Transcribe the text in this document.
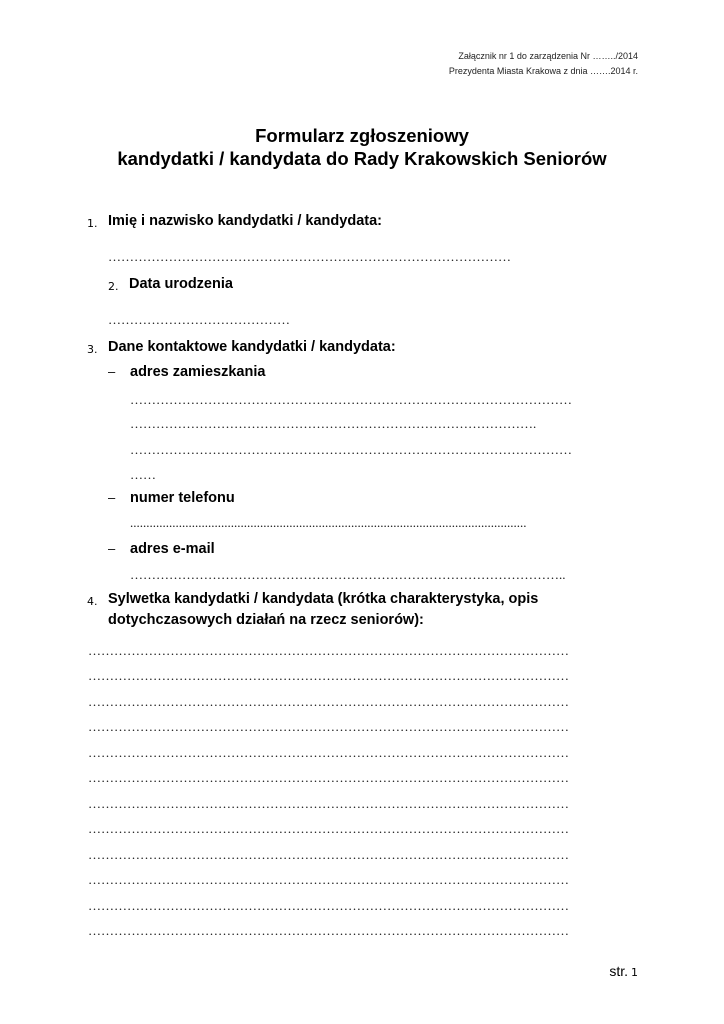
Załącznik nr 1 do zarządzenia Nr ……../2014
Prezydenta Miasta Krakowa z dnia …….2014 r.
Formularz zgłoszeniowy
kandydatki / kandydata do Rady Krakowskich Seniorów
1. Imię i nazwisko kandydatki / kandydata:
…………………………………………………………………………………
2. Data urodzenia
……………………………………
3. Dane kontaktowe kandydatki / kandydata:
– adres zamieszkania
…………………………………………………………………………………………
………………………………………………………………………………….
…………………………………………………………………………………………
……
– numer telefonu
..........................................................................................................................
– adres e-mail
………………………………………………………………………………………..
4. Sylwetka kandydatki / kandydata (krótka charakterystyka, opis dotychczasowych działań na rzecz seniorów):
…………………………………………………………………………………………………
…………………………………………………………………………………………………
…………………………………………………………………………………………………
…………………………………………………………………………………………………
…………………………………………………………………………………………………
…………………………………………………………………………………………………
…………………………………………………………………………………………………
…………………………………………………………………………………………………
…………………………………………………………………………………………………
…………………………………………………………………………………………………
…………………………………………………………………………………………………
…………………………………………………………………………………………………
str. 1
